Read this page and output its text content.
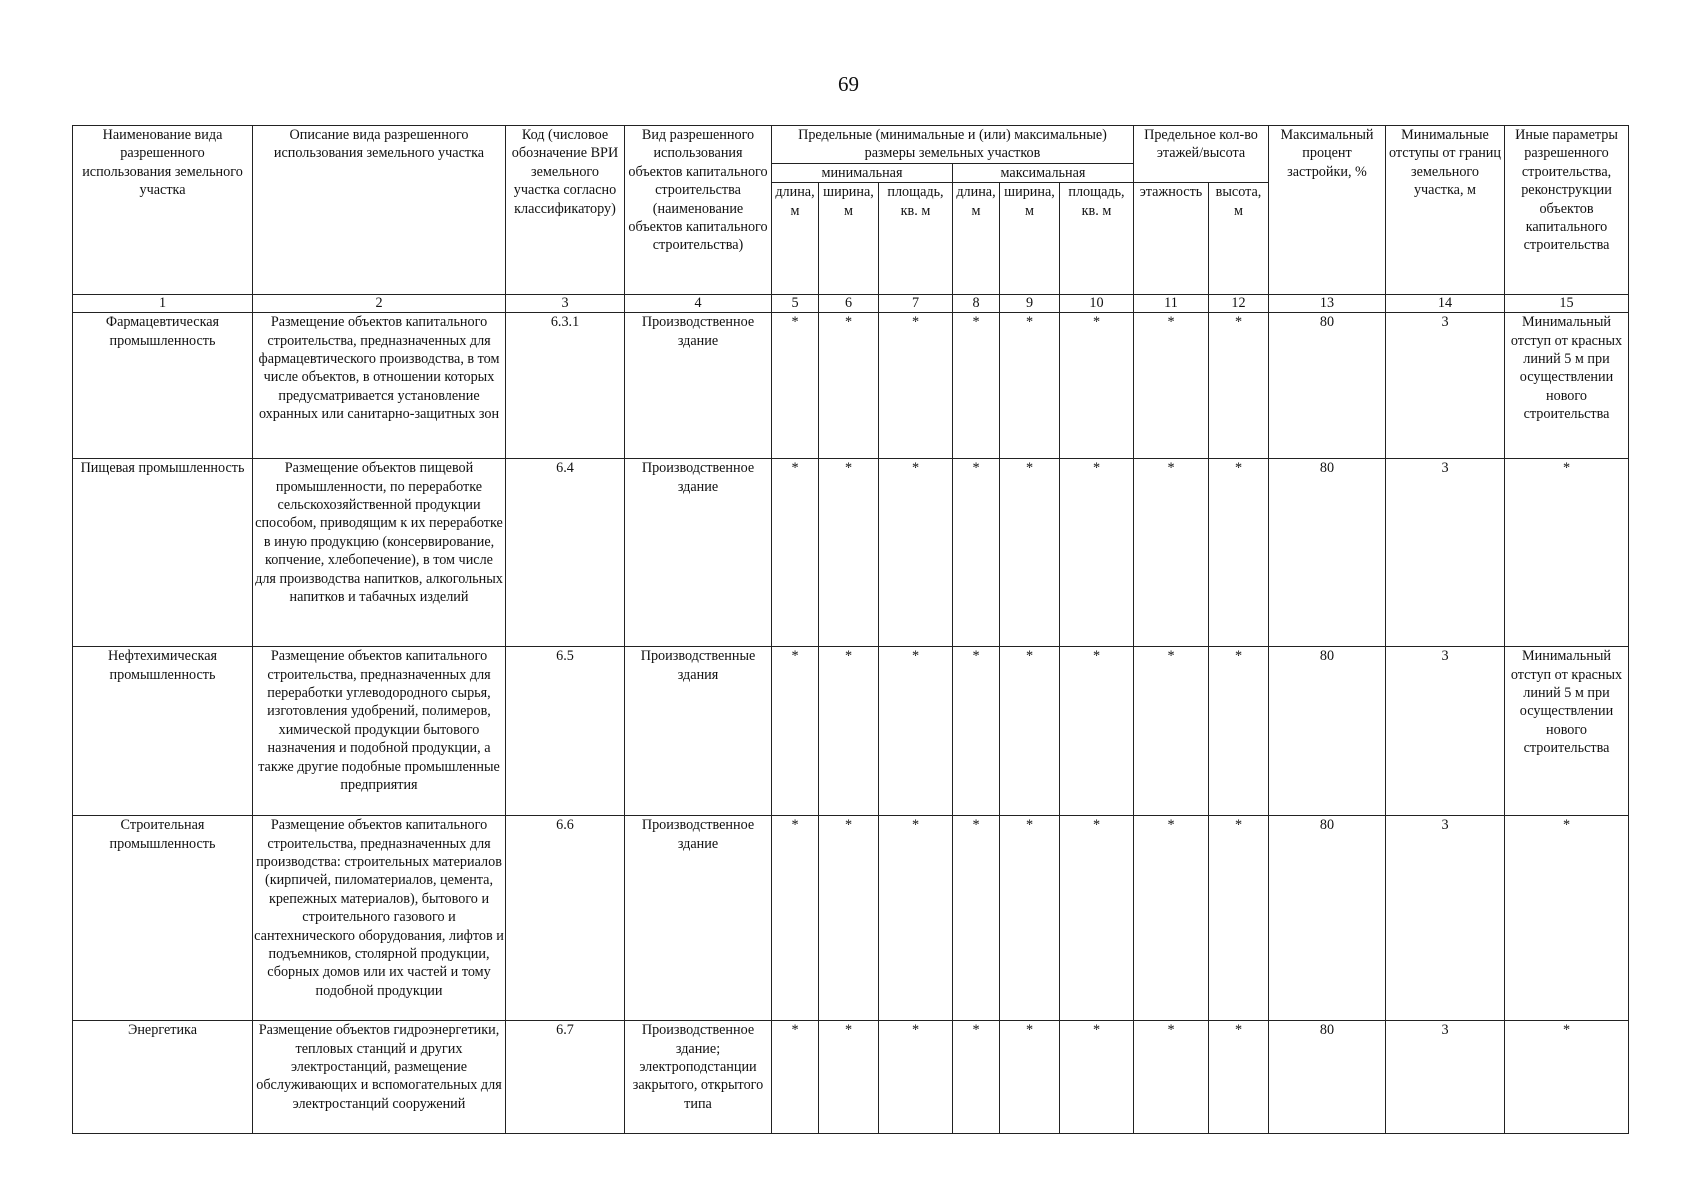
69
Наименование вида разрешенного использования земельного участка	Описание вида разрешенного использования земельного участка	Код (числовое обозначение ВРИ земельного участка согласно классификатору)	Вид разрешенного использования объектов капитального строительства (наименование объектов капитального строительства)	Предельные (минимальные и (или) максимальные) размеры земельных участков						Предельное кол-во этажей/высота		Максимальный процент застройки, %	Минимальные отступы от границ земельного участка, м	Иные параметры разрешенного строительства, реконструкции объектов капитального строительства
				минимальная			максимальная							
				длина, м	ширина, м	площадь, кв. м	длина, м	ширина, м	площадь, кв. м	этажность	высота, м			
1	2	3	4	5	6	7	8	9	10	11	12	13	14	15
Фармацевтическая промышленность	Размещение объектов капитального строительства, предназначенных для фармацевтического производства, в том числе объектов, в отношении которых предусматривается установление охранных или санитарно-защитных зон	6.3.1	Производственное здание	*	*	*	*	*	*	*	*	80	3	Минимальный отступ от красных линий 5 м при осуществлении нового строительства
Пищевая промышленность	Размещение объектов пищевой промышленности, по переработке сельскохозяйственной продукции способом, приводящим к их переработке в иную продукцию (консервирование, копчение, хлебопечение), в том числе для производства напитков, алкогольных напитков и табачных изделий	6.4	Производственное здание	*	*	*	*	*	*	*	*	80	3	*
Нефтехимическая промышленность	Размещение объектов капитального строительства, предназначенных для переработки углеводородного сырья, изготовления удобрений, полимеров, химической продукции бытового назначения и подобной продукции, а также другие подобные промышленные предприятия	6.5	Производственные здания	*	*	*	*	*	*	*	*	80	3	Минимальный отступ от красных линий 5 м при осуществлении нового строительства
Строительная промышленность	Размещение объектов капитального строительства, предназначенных для производства: строительных материалов (кирпичей, пиломатериалов, цемента, крепежных материалов), бытового и строительного газового и сантехнического оборудования, лифтов и подъемников, столярной продукции, сборных домов или их частей и тому подобной продукции	6.6	Производственное здание	*	*	*	*	*	*	*	*	80	3	*
Энергетика	Размещение объектов гидроэнергетики, тепловых станций и других электростанций, размещение обслуживающих и вспомогательных для электростанций сооружений	6.7	Производственное здание; электроподстанции закрытого, открытого типа	*	*	*	*	*	*	*	*	80	3	*
